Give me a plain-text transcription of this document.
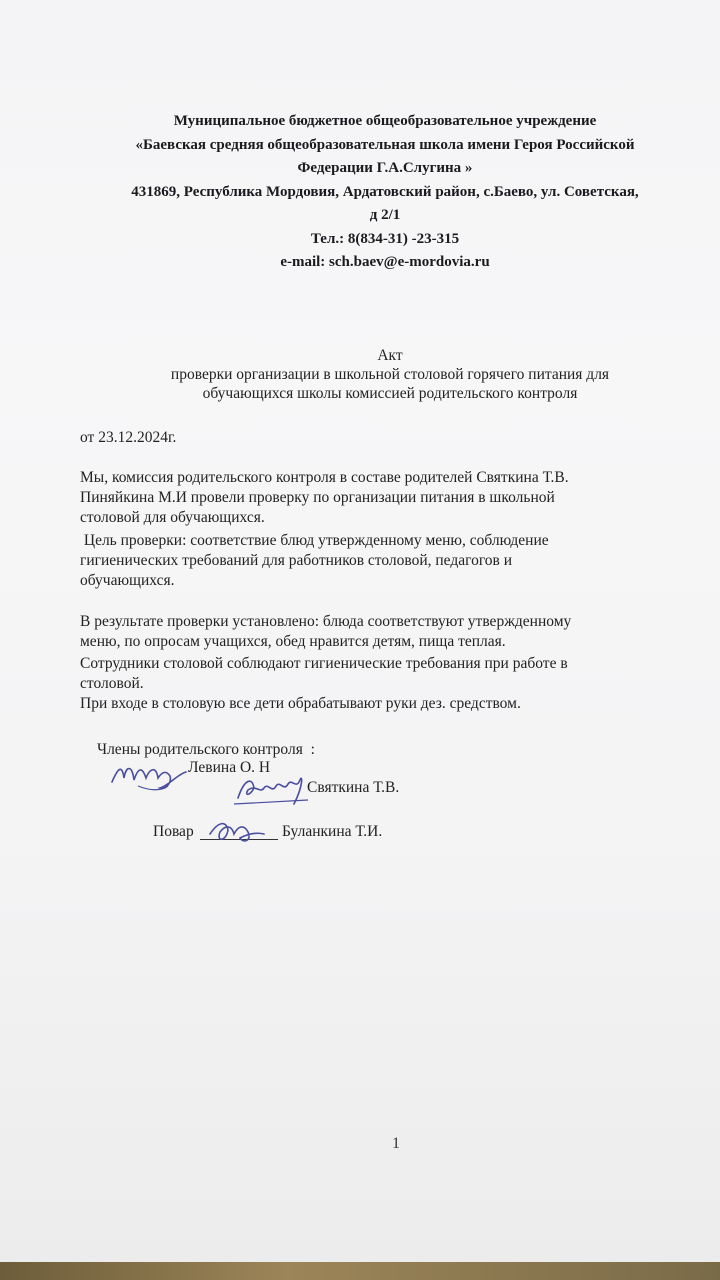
Муниципальное бюджетное общеобразовательное учреждение
«Баевская средняя общеобразовательная школа имени Героя Российской
Федерации Г.А.Слугина »
431869, Республика Мордовия, Ардатовский район, с.Баево, ул. Советская,
д 2/1
Тел.: 8(834-31) -23-315
e-mail: sch.baev@e-mordovia.ru
Акт
проверки организации в школьной столовой горячего питания для
обучающихся школы комиссией родительского контроля
от 23.12.2024г.
Мы, комиссия родительского контроля в составе родителей Святкина Т.В.
Пиняйкина М.И провели проверку по организации питания в школьной
столовой для обучающихся.
Цель проверки: соответствие блюд утвержденному меню, соблюдение
гигиенических требований для работников столовой, педагогов и
обучающихся.
В результате проверки установлено: блюда соответствуют утвержденному
меню, по опросам учащихся, обед нравится детям, пища теплая.
Сотрудники столовой соблюдают гигиенические требования при работе в
столовой.
При входе в столовую все дети обрабатывают руки дез. средством.
Члены родительского контроля  :
Левина О. Н
Святкина Т.В.
Повар	Буланкина Т.И.
1
